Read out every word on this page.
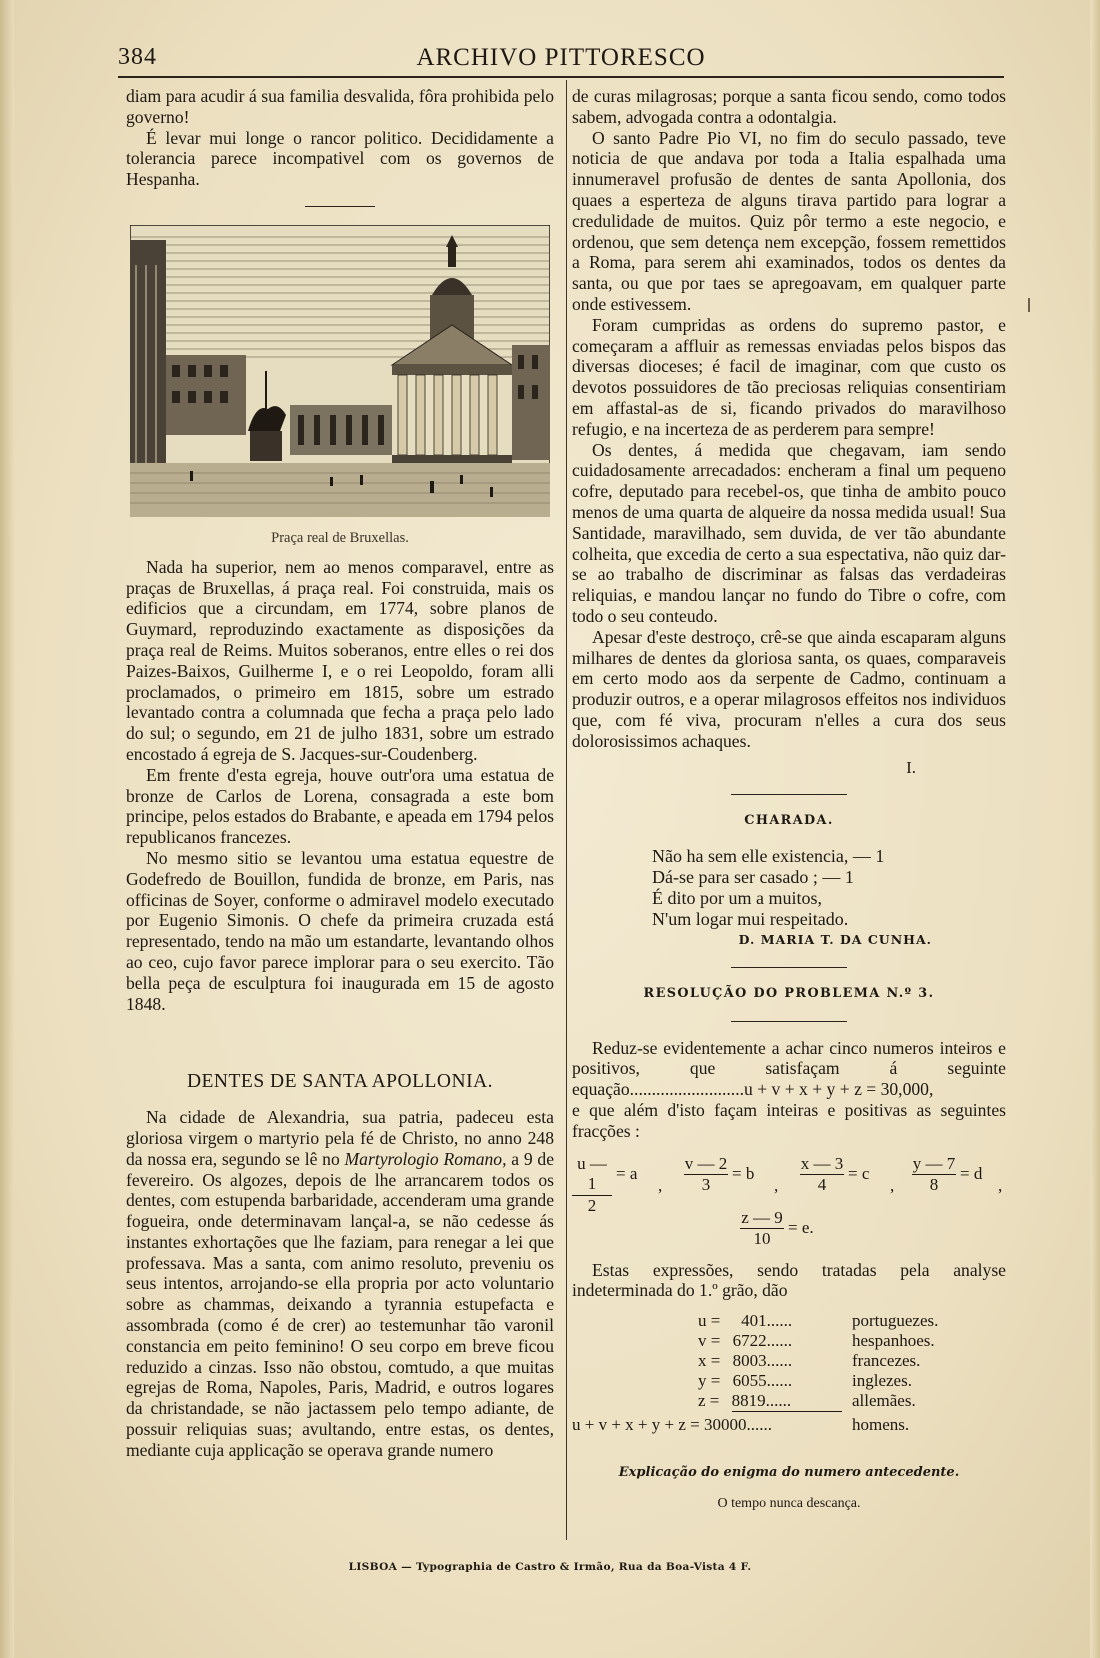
384	ARCHIVO PITTORESCO

diam para acudir á sua familia desvalida, fôra prohibida pelo governo!

É levar mui longe o rancor politico. Decididamente a tolerancia parece incompativel com os governos de Hespanha.

Praça real de Bruxellas.

Nada ha superior, nem ao menos comparavel, entre as praças de Bruxellas, á praça real. Foi construida, mais os edificios que a circundam, em 1774, sobre planos de Guymard, reproduzindo exactamente as disposições da praça real de Reims. Muitos soberanos, entre elles o rei dos Paizes-Baixos, Guilherme I, e o rei Leopoldo, foram alli proclamados, o primeiro em 1815, sobre um estrado levantado contra a columnada que fecha a praça pelo lado do sul; o segundo, em 21 de julho 1831, sobre um estrado encostado á egreja de S. Jacques-sur-Coudenberg.

Em frente d'esta egreja, houve outr'ora uma estatua de bronze de Carlos de Lorena, consagrada a este bom principe, pelos estados do Brabante, e apeada em 1794 pelos republicanos francezes.

No mesmo sitio se levantou uma estatua equestre de Godefredo de Bouillon, fundida de bronze, em Paris, nas officinas de Soyer, conforme o admiravel modelo executado por Eugenio Simonis. O chefe da primeira cruzada está representado, tendo na mão um estandarte, levantando olhos ao ceo, cujo favor parece implorar para o seu exercito. Tão bella peça de esculptura foi inaugurada em 15 de agosto 1848.

DENTES DE SANTA APOLLONIA.

Na cidade de Alexandria, sua patria, padeceu esta gloriosa virgem o martyrio pela fé de Christo, no anno 248 da nossa era, segundo se lê no Martyrologio Romano, a 9 de fevereiro. Os algozes, depois de lhe arrancarem todos os dentes, com estupenda barbaridade, accenderam uma grande fogueira, onde determinavam lançal-a, se não cedesse ás instantes exhortações que lhe faziam, para renegar a lei que professava. Mas a santa, com animo resoluto, preveniu os seus intentos, arrojando-se ella propria por acto voluntario sobre as chammas, deixando a tyrannia estupefacta e assombrada (como é de crer) ao testemunhar tão varonil constancia em peito feminino! O seu corpo em breve ficou reduzido a cinzas. Isso não obstou, comtudo, a que muitas egrejas de Roma, Napoles, Paris, Madrid, e outros logares da christandade, se não jactassem pelo tempo adiante, de possuir reliquias suas; avultando, entre estas, os dentes, mediante cuja applicação se operava grande numero

de curas milagrosas; porque a santa ficou sendo, como todos sabem, advogada contra a odontalgia.

O santo Padre Pio VI, no fim do seculo passado, teve noticia de que andava por toda a Italia espalhada uma innumeravel profusão de dentes de santa Apollonia, dos quaes a esperteza de alguns tirava partido para lograr a credulidade de muitos. Quiz pôr termo a este negocio, e ordenou, que sem detença nem excepção, fossem remettidos a Roma, para serem ahi examinados, todos os dentes da santa, ou que por taes se apregoavam, em qualquer parte onde estivessem.

Foram cumpridas as ordens do supremo pastor, e começaram a affluir as remessas enviadas pelos bispos das diversas dioceses; é facil de imaginar, com que custo os devotos possuidores de tão preciosas reliquias consentiriam em affastal-as de si, ficando privados do maravilhoso refugio, e na incerteza de as perderem para sempre!

Os dentes, á medida que chegavam, iam sendo cuidadosamente arrecadados: encheram a final um pequeno cofre, deputado para recebel-os, que tinha de ambito pouco menos de uma quarta de alqueire da nossa medida usual! Sua Santidade, maravilhado, sem duvida, de ver tão abundante colheita, que excedia de certo a sua espectativa, não quiz dar-se ao trabalho de discriminar as falsas das verdadeiras reliquias, e mandou lançar no fundo do Tibre o cofre, com todo o seu conteudo.

Apesar d'este destroço, crê-se que ainda escaparam alguns milhares de dentes da gloriosa santa, os quaes, comparaveis em certo modo aos da serpente de Cadmo, continuam a produzir outros, e a operar milagrosos effeitos nos individuos que, com fé viva, procuram n'elles a cura dos seus dolorosissimos achaques.

I.
CHARADA.
Não ha sem elle existencia, — 1
Dá-se para ser casado ; — 1
É dito por um a muitos,
N'um logar mui respeitado.
D. MARIA T. DA CUNHA.
RESOLUÇÃO DO PROBLEMA N.º 3.

Reduz-se evidentemente a achar cinco numeros inteiros e positivos, que satisfaçam á seguinte equação..........................u + v + x + y + z = 30,000,

e que além d'isto façam inteiras e positivas as seguintes fracções :

u — 1
2
= a
,
v — 2
3
= b
,
x — 3
4
= c
,
y — 7
8
= d
,
z — 9
10
= e.

Estas expressões, sendo tratadas pela analyse indeterminada do 1.º grão, dão

u = 401......	portuguezes.
v = 6722......	hespanhoes.
x = 8003......	francezes.
y = 6055......	inglezes.
z = 8819......	allemães.
u + v + x + y + z = 30000......	homens.
Explicação do enigma do numero antecedente.
O tempo nunca descança.
LISBOA — Typographia de Castro & Irmão, Rua da Boa-Vista 4 F.
